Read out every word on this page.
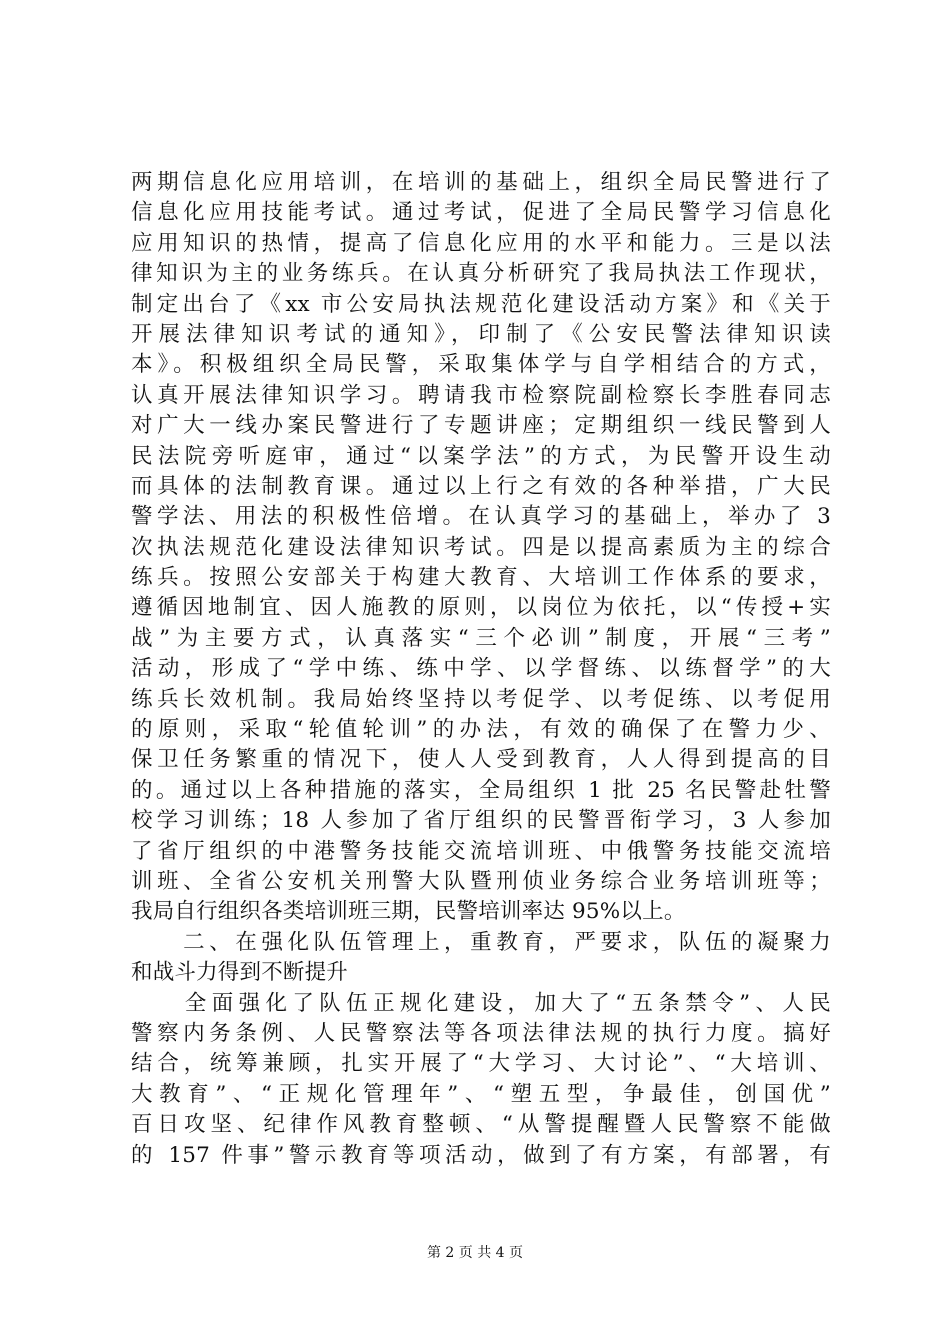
两期信息化应用培训，在培训的基础上，组织全局民警进行了
信息化应用技能考试。通过考试，促进了全局民警学习信息化
应用知识的热情，提高了信息化应用的水平和能力。三是以法
律知识为主的业务练兵。在认真分析研究了我局执法工作现状，
制定出台了《xx 市公安局执法规范化建设活动方案》和《关于
开展法律知识考试的通知》，印制了《公安民警法律知识读
本》。积极组织全局民警，采取集体学与自学相结合的方式，
认真开展法律知识学习。聘请我市检察院副检察长李胜春同志
对广大一线办案民警进行了专题讲座；定期组织一线民警到人
民法院旁听庭审，通过“以案学法”的方式，为民警开设生动
而具体的法制教育课。通过以上行之有效的各种举措，广大民
警学法、用法的积极性倍增。在认真学习的基础上，举办了 3
次执法规范化建设法律知识考试。四是以提高素质为主的综合
练兵。按照公安部关于构建大教育、大培训工作体系的要求，
遵循因地制宜、因人施教的原则，以岗位为依托，以“传授+实
战”为主要方式，认真落实“三个必训”制度，开展“三考”
活动，形成了“学中练、练中学、以学督练、以练督学”的大
练兵长效机制。我局始终坚持以考促学、以考促练、以考促用
的原则，采取“轮值轮训”的办法，有效的确保了在警力少、
保卫任务繁重的情况下，使人人受到教育，人人得到提高的目
的。通过以上各种措施的落实，全局组织 1 批 25 名民警赴牡警
校学习训练；18 人参加了省厅组织的民警晋衔学习，3 人参加
了省厅组织的中港警务技能交流培训班、中俄警务技能交流培
训班、全省公安机关刑警大队暨刑侦业务综合业务培训班等；
我局自行组织各类培训班三期，民警培训率达 95%以上。
　　二、在强化队伍管理上，重教育，严要求，队伍的凝聚力
和战斗力得到不断提升
　　全面强化了队伍正规化建设，加大了“五条禁令”、人民
警察内务条例、人民警察法等各项法律法规的执行力度。搞好
结合，统筹兼顾，扎实开展了“大学习、大讨论”、“大培训、
大教育”、“正规化管理年”、“塑五型，争最佳，创国优”
百日攻坚、纪律作风教育整顿、“从警提醒暨人民警察不能做
的 157 件事”警示教育等项活动，做到了有方案，有部署，有
第 2 页 共 4 页
